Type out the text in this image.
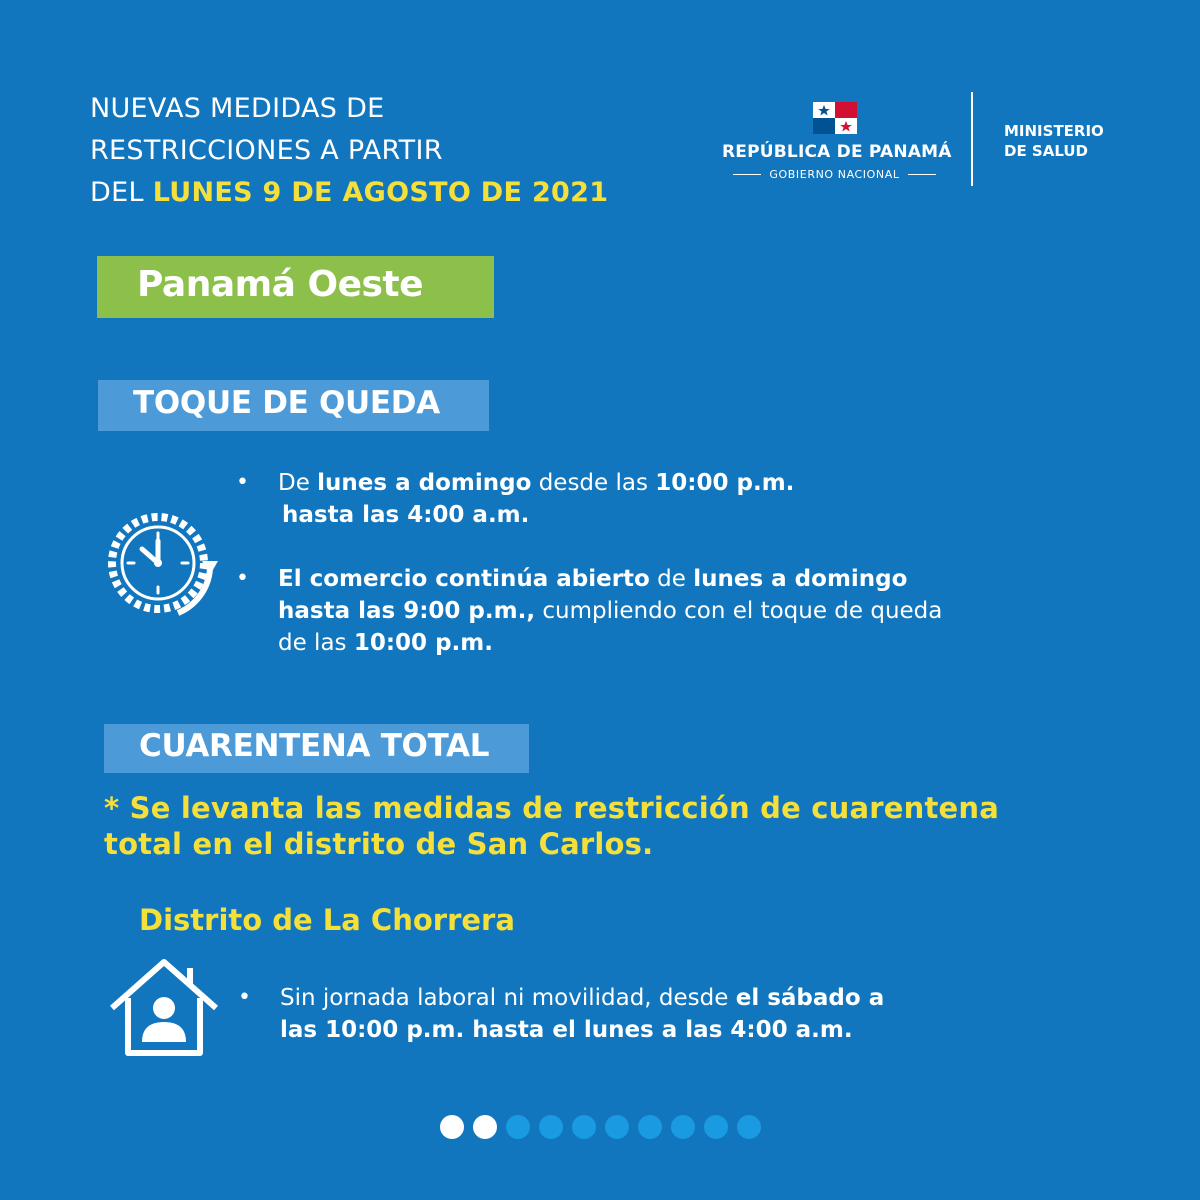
NUEVAS MEDIDAS DE
RESTRICCIONES A PARTIR
DEL LUNES 9 DE AGOSTO DE 2021
REPÚBLICA DE PANAMÁ
GOBIERNO NACIONAL
MINISTERIO
DE SALUD
Panamá Oeste
TOQUE DE QUEDA
• De lunes a domingo desde las 10:00 p.m.
hasta las 4:00 a.m.
• El comercio continúa abierto de lunes a domingo
hasta las 9:00 p.m., cumpliendo con el toque de queda
de las 10:00 p.m.
CUARENTENA TOTAL
* Se levanta las medidas de restricción de cuarentena
total en el distrito de San Carlos.
Distrito de La Chorrera
• Sin jornada laboral ni movilidad, desde el sábado a
las 10:00 p.m. hasta el lunes a las 4:00 a.m.
